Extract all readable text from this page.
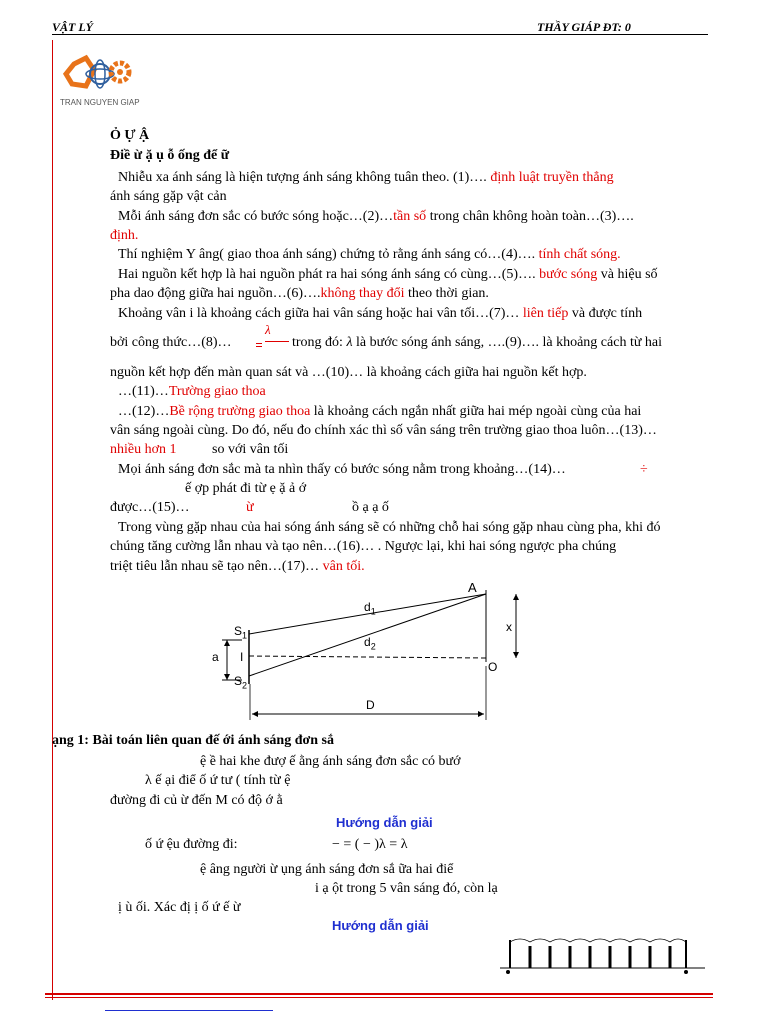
VẬT LÝ	THẦY GIÁP ĐT: 0
TRAN NGUYEN GIAP
Ỏ Ự Ậ
Điề ừ ặ ụ ỗ ống để ữ
Nhiễu xa ánh sáng là hiện tượng ánh sáng không tuân theo. (1)…. định luật truyền thẳng
ánh sáng gặp vật cản
Mỗi ánh sáng đơn sắc có bước sóng hoặc…(2)…tần số trong chân không hoàn toàn…(3)….
định.
Thí nghiệm Y âng( giao thoa ánh sáng) chứng tỏ rằng ánh sáng có…(4)…. tính chất sóng.
Hai nguồn kết hợp là hai nguồn phát ra hai sóng ánh sáng có cùng…(5)…. bước sóng và hiệu số
pha dao động giữa hai nguồn…(6)….không thay đổi theo thời gian.
Khoảng vân i là khoảng cách giữa hai vân sáng hoặc hai vân tối…(7)… liên tiếp và được tính
bởi công thức…(8)…
λ
trong đó: λ là bước sóng ánh sáng, ….(9)…. là khoảng cách từ hai
nguồn kết hợp đến màn quan sát và …(10)… là khoảng cách giữa hai nguồn kết hợp.
…(11)…Trường giao thoa
…(12)…Bề rộng trường giao thoa là khoảng cách ngắn nhất giữa hai mép ngoài cùng của hai
vân sáng ngoài cùng. Do đó, nếu đo chính xác thì số vân sáng trên trường giao thoa luôn…(13)…
nhiều hơn 1	so với vân tối
Mọi ánh sáng đơn sắc mà ta nhìn thấy có bước sóng nằm trong khoảng…(14)…	÷
ế ợp phát đi từ ẹ ặ ả ớ
được…(15)…	ừ	ồ ạ ạ ố
Trong vùng gặp nhau của hai sóng ánh sáng sẽ có những chỗ hai sóng gặp nhau cùng pha, khi đó
chúng tăng cường lẫn nhau và tạo nên…(16)… . Ngược lại, khi hai sóng ngược pha chúng
triệt tiêu lẫn nhau sẽ tạo nên…(17)… vân tối.
A
$S_1$
$S_2$
I
O
a
x
D
$d_1$
$d_2$
ạng 1: Bài toán liên quan đế ới ánh sáng đơn sắ
ệ ề hai khe đượ ế ằng ánh sáng đơn sắc có bướ
λ ế ại điể ố ứ tư ( tính từ ệ
đường đi củ ừ đến M có độ ớ ằ
Hướng dẫn giải
ố ứ ệu đường đi:	− = ( − )λ = λ
ệ âng người ừ ụng ánh sáng đơn sắ ữa hai điể
i ạ ột trong 5 vân sáng đó, còn lạ
ị ù ối. Xác đị ị ố ứ ế ừ
Hướng dẫn giải
